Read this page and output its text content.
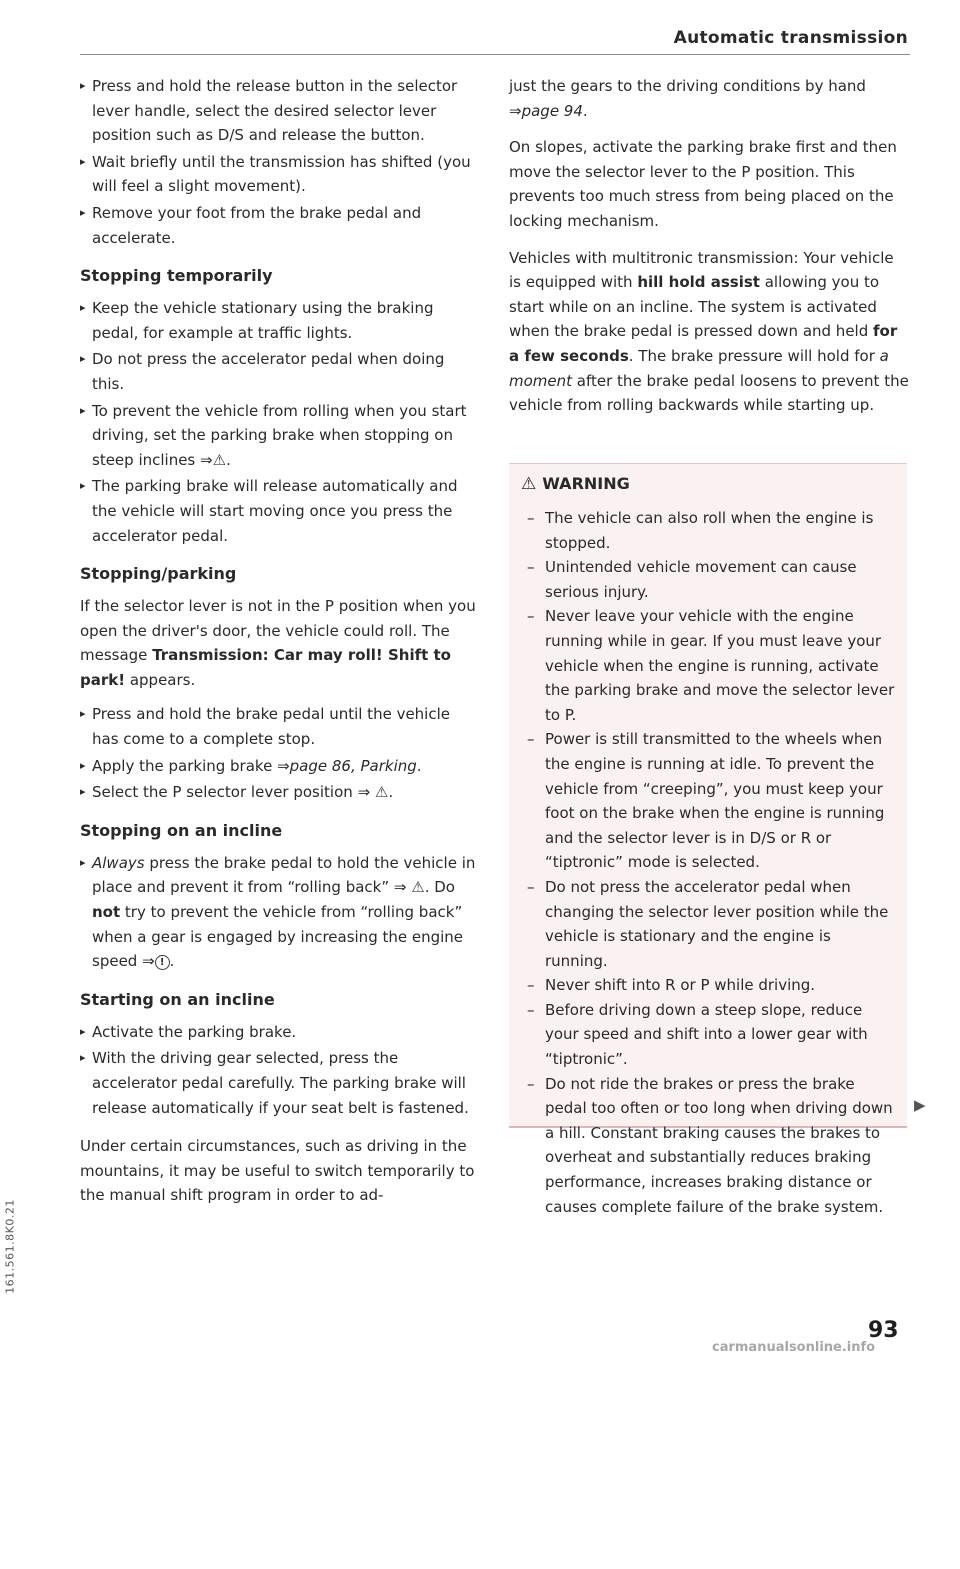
Automatic transmission

▸ Press and hold the release button in the selector lever handle, select the desired selector lever position such as D/S and release the button.

▸ Wait briefly until the transmission has shifted (you will feel a slight movement).

▸ Remove your foot from the brake pedal and accelerate.

Stopping temporarily

▸ Keep the vehicle stationary using the braking pedal, for example at traffic lights.

▸ Do not press the accelerator pedal when doing this.

▸ To prevent the vehicle from rolling when you start driving, set the parking brake when stopping on steep inclines ⇒⚠.

▸ The parking brake will release automatically and the vehicle will start moving once you press the accelerator pedal.

Stopping/parking

If the selector lever is not in the P position when you open the driver's door, the vehicle could roll. The message Transmission: Car may roll! Shift to park! appears.

▸ Press and hold the brake pedal until the vehicle has come to a complete stop.

▸ Apply the parking brake ⇒page 86, Parking.

▸ Select the P selector lever position ⇒ ⚠.

Stopping on an incline

▸ Always press the brake pedal to hold the vehicle in place and prevent it from “rolling back” ⇒ ⚠. Do not try to prevent the vehicle from “rolling back” when a gear is engaged by increasing the engine speed ⇒ ! .

Starting on an incline

▸ Activate the parking brake.

▸ With the driving gear selected, press the accelerator pedal carefully. The parking brake will release automatically if your seat belt is fastened.

Under certain circumstances, such as driving in the mountains, it may be useful to switch temporarily to the manual shift program in order to ad-

just the gears to the driving conditions by hand ⇒page 94.

On slopes, activate the parking brake first and then move the selector lever to the P position. This prevents too much stress from being placed on the locking mechanism.

Vehicles with multitronic transmission: Your vehicle is equipped with hill hold assist allowing you to start while on an incline. The system is activated when the brake pedal is pressed down and held for a few seconds. The brake pressure will hold for a moment after the brake pedal loosens to prevent the vehicle from rolling backwards while starting up.

⚠ WARNING

– The vehicle can also roll when the engine is stopped.

– Unintended vehicle movement can cause serious injury.

– Never leave your vehicle with the engine running while in gear. If you must leave your vehicle when the engine is running, activate the parking brake and move the selector lever to P.

– Power is still transmitted to the wheels when the engine is running at idle. To prevent the vehicle from “creeping”, you must keep your foot on the brake when the engine is running and the selector lever is in D/S or R or “tiptronic” mode is selected.

– Do not press the accelerator pedal when changing the selector lever position while the vehicle is stationary and the engine is running.

– Never shift into R or P while driving.

– Before driving down a steep slope, reduce your speed and shift into a lower gear with “tiptronic”.

– Do not ride the brakes or press the brake pedal too often or too long when driving down a hill. Constant braking causes the brakes to overheat and substantially reduces braking performance, increases braking distance or causes complete failure of the brake system.

▶
93
161.561.8K0.21
carmanualsonline.info
